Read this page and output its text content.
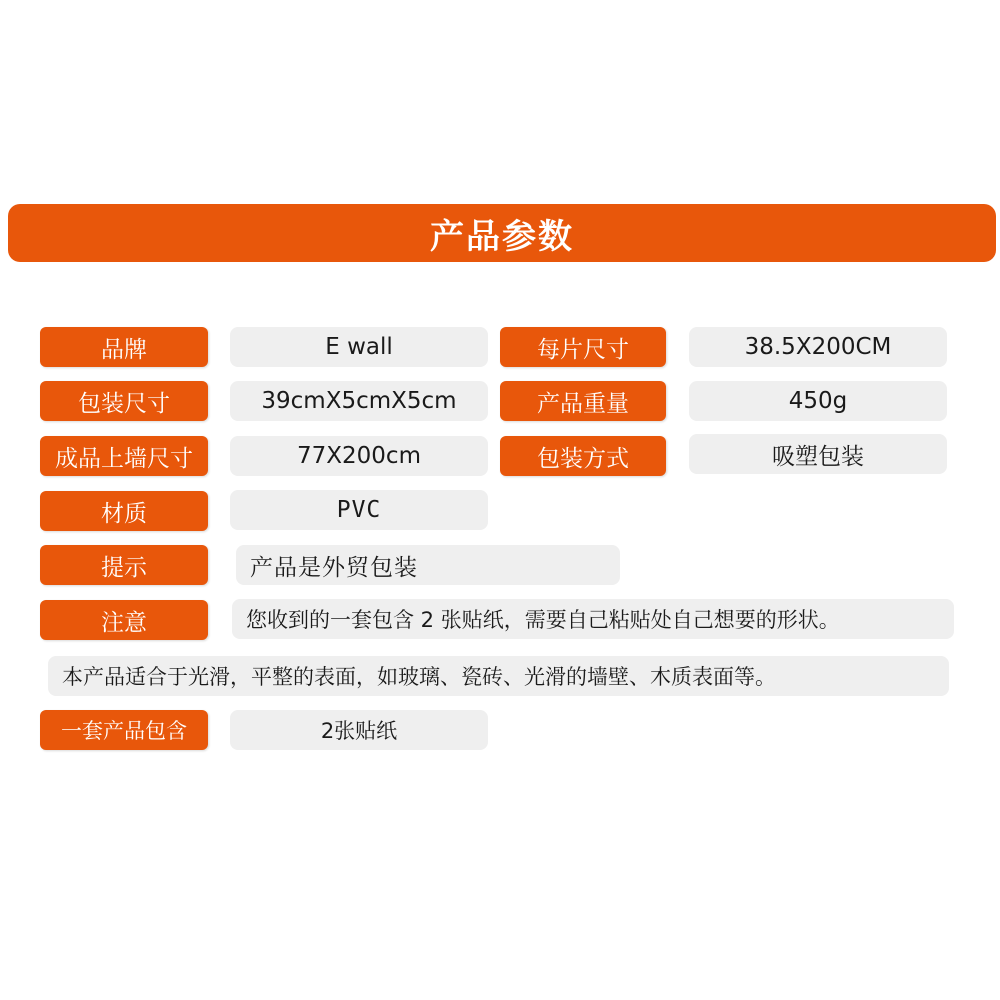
产品参数
品牌	E wall	每片尺寸	38.5X200CM
包装尺寸	39cmX5cmX5cm	产品重量	450g
成品上墙尺寸	77X200cm	包装方式	吸塑包装
材质	PVC
提示	产品是外贸包装
注意	您收到的一套包含 2 张贴纸，需要自己粘贴处自己想要的形状。
本产品适合于光滑，平整的表面，如玻璃、瓷砖、光滑的墙壁、木质表面等。
一套产品包含	2张贴纸
